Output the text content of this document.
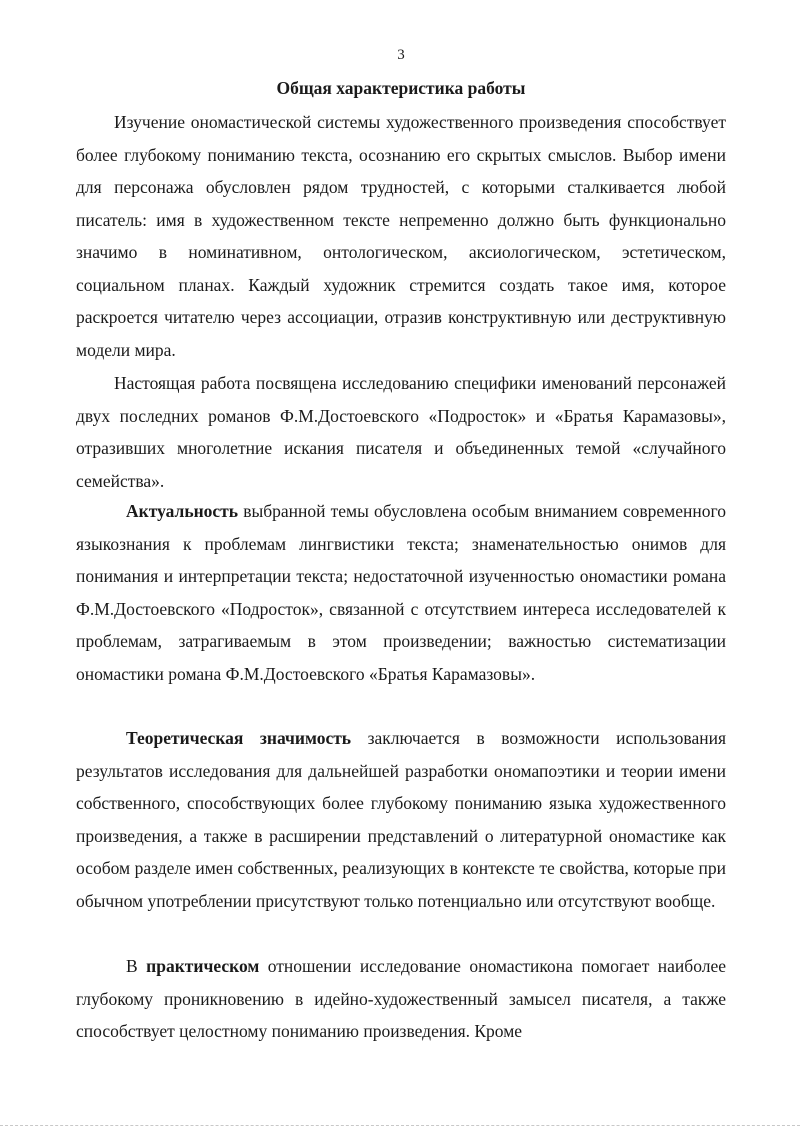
3
Общая характеристика работы

Изучение ономастической системы художественного произведения способствует более глубокому пониманию текста, осознанию его скрытых смыслов. Выбор имени для персонажа обусловлен рядом трудностей, с которыми сталкивается любой писатель: имя в художественном тексте непременно должно быть функционально значимо в номинативном, онтологическом, аксиологическом, эстетическом, социальном планах. Каждый художник стремится создать такое имя, которое раскроется читателю через ассоциации, отразив конструктивную или деструктивную модели мира.

Настоящая работа посвящена исследованию специфики именований персонажей двух последних романов Ф.М.Достоевского «Подросток» и «Братья Карамазовы», отразивших многолетние искания писателя и объединенных темой «случайного семейства».

Актуальность выбранной темы обусловлена особым вниманием современного языкознания к проблемам лингвистики текста; знаменательностью онимов для понимания и интерпретации текста; недостаточной изученностью ономастики романа Ф.М.Достоевского «Подросток», связанной с отсутствием интереса исследователей к проблемам, затрагиваемым в этом произведении; важностью систематизации ономастики романа Ф.М.Достоевского «Братья Карамазовы».

Теоретическая значимость заключается в возможности использования результатов исследования для дальнейшей разработки ономапоэтики и теории имени собственного, способствующих более глубокому пониманию языка художественного произведения, а также в расширении представлений о литературной ономастике как особом разделе имен собственных, реализующих в контексте те свойства, которые при обычном употреблении присутствуют только потенциально или отсутствуют вообще.

В практическом отношении исследование ономастикона помогает наиболее глубокому проникновению в идейно-художественный замысел писателя, а также способствует целостному пониманию произведения. Кроме
